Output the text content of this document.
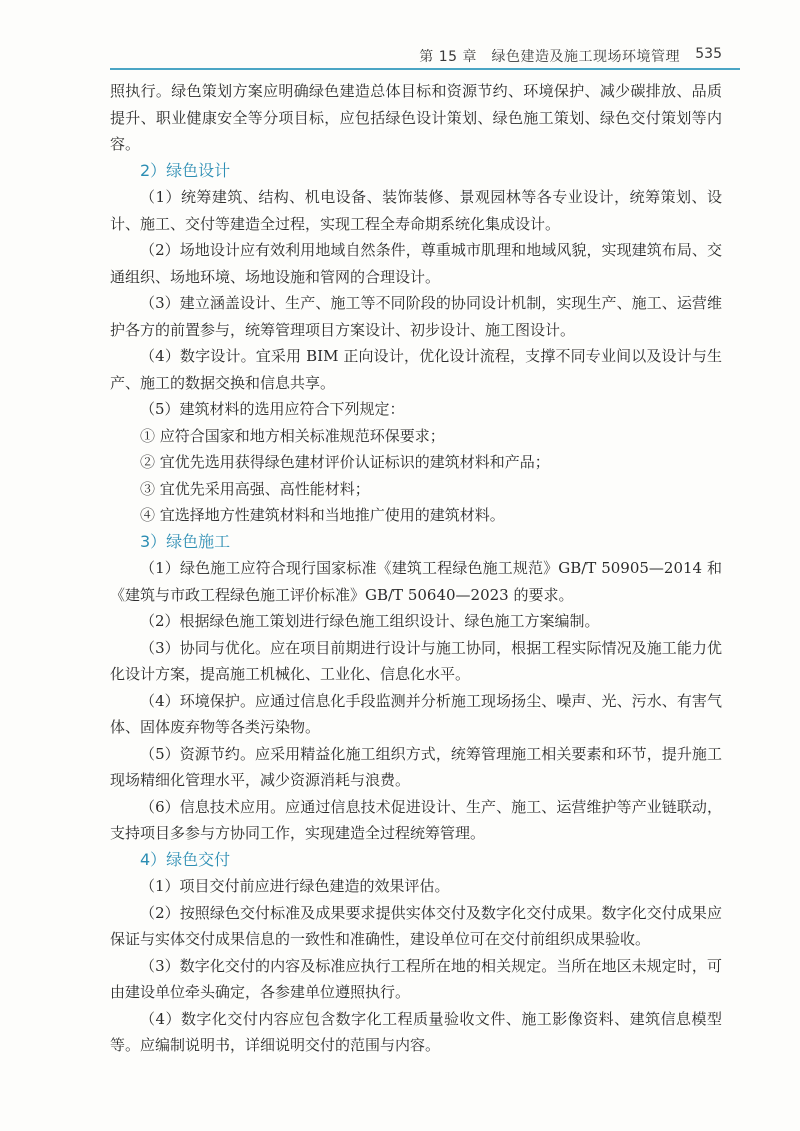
第 15 章　绿色建造及施工现场环境管理 535

照执行。绿色策划方案应明确绿色建造总体目标和资源节约、环境保护、减少碳排放、品质提升、职业健康安全等分项目标，应包括绿色设计策划、绿色施工策划、绿色交付策划等内容。

2）绿色设计

（1）统筹建筑、结构、机电设备、装饰装修、景观园林等各专业设计，统筹策划、设计、施工、交付等建造全过程，实现工程全寿命期系统化集成设计。

（2）场地设计应有效利用地域自然条件，尊重城市肌理和地域风貌，实现建筑布局、交通组织、场地环境、场地设施和管网的合理设计。

（3）建立涵盖设计、生产、施工等不同阶段的协同设计机制，实现生产、施工、运营维护各方的前置参与，统筹管理项目方案设计、初步设计、施工图设计。

（4）数字设计。宜采用 BIM 正向设计，优化设计流程，支撑不同专业间以及设计与生产、施工的数据交换和信息共享。

（5）建筑材料的选用应符合下列规定：

① 应符合国家和地方相关标准规范环保要求；

② 宜优先选用获得绿色建材评价认证标识的建筑材料和产品；

③ 宜优先采用高强、高性能材料；

④ 宜选择地方性建筑材料和当地推广使用的建筑材料。

3）绿色施工

（1）绿色施工应符合现行国家标准《建筑工程绿色施工规范》GB/T 50905—2014 和《建筑与市政工程绿色施工评价标准》GB/T 50640—2023 的要求。

（2）根据绿色施工策划进行绿色施工组织设计、绿色施工方案编制。

（3）协同与优化。应在项目前期进行设计与施工协同，根据工程实际情况及施工能力优化设计方案，提高施工机械化、工业化、信息化水平。

（4）环境保护。应通过信息化手段监测并分析施工现场扬尘、噪声、光、污水、有害气体、固体废弃物等各类污染物。

（5）资源节约。应采用精益化施工组织方式，统筹管理施工相关要素和环节，提升施工现场精细化管理水平，减少资源消耗与浪费。

（6）信息技术应用。应通过信息技术促进设计、生产、施工、运营维护等产业链联动，支持项目多参与方协同工作，实现建造全过程统筹管理。

4）绿色交付

（1）项目交付前应进行绿色建造的效果评估。

（2）按照绿色交付标准及成果要求提供实体交付及数字化交付成果。数字化交付成果应保证与实体交付成果信息的一致性和准确性，建设单位可在交付前组织成果验收。

（3）数字化交付的内容及标准应执行工程所在地的相关规定。当所在地区未规定时，可由建设单位牵头确定，各参建单位遵照执行。

（4）数字化交付内容应包含数字化工程质量验收文件、施工影像资料、建筑信息模型等。应编制说明书，详细说明交付的范围与内容。
